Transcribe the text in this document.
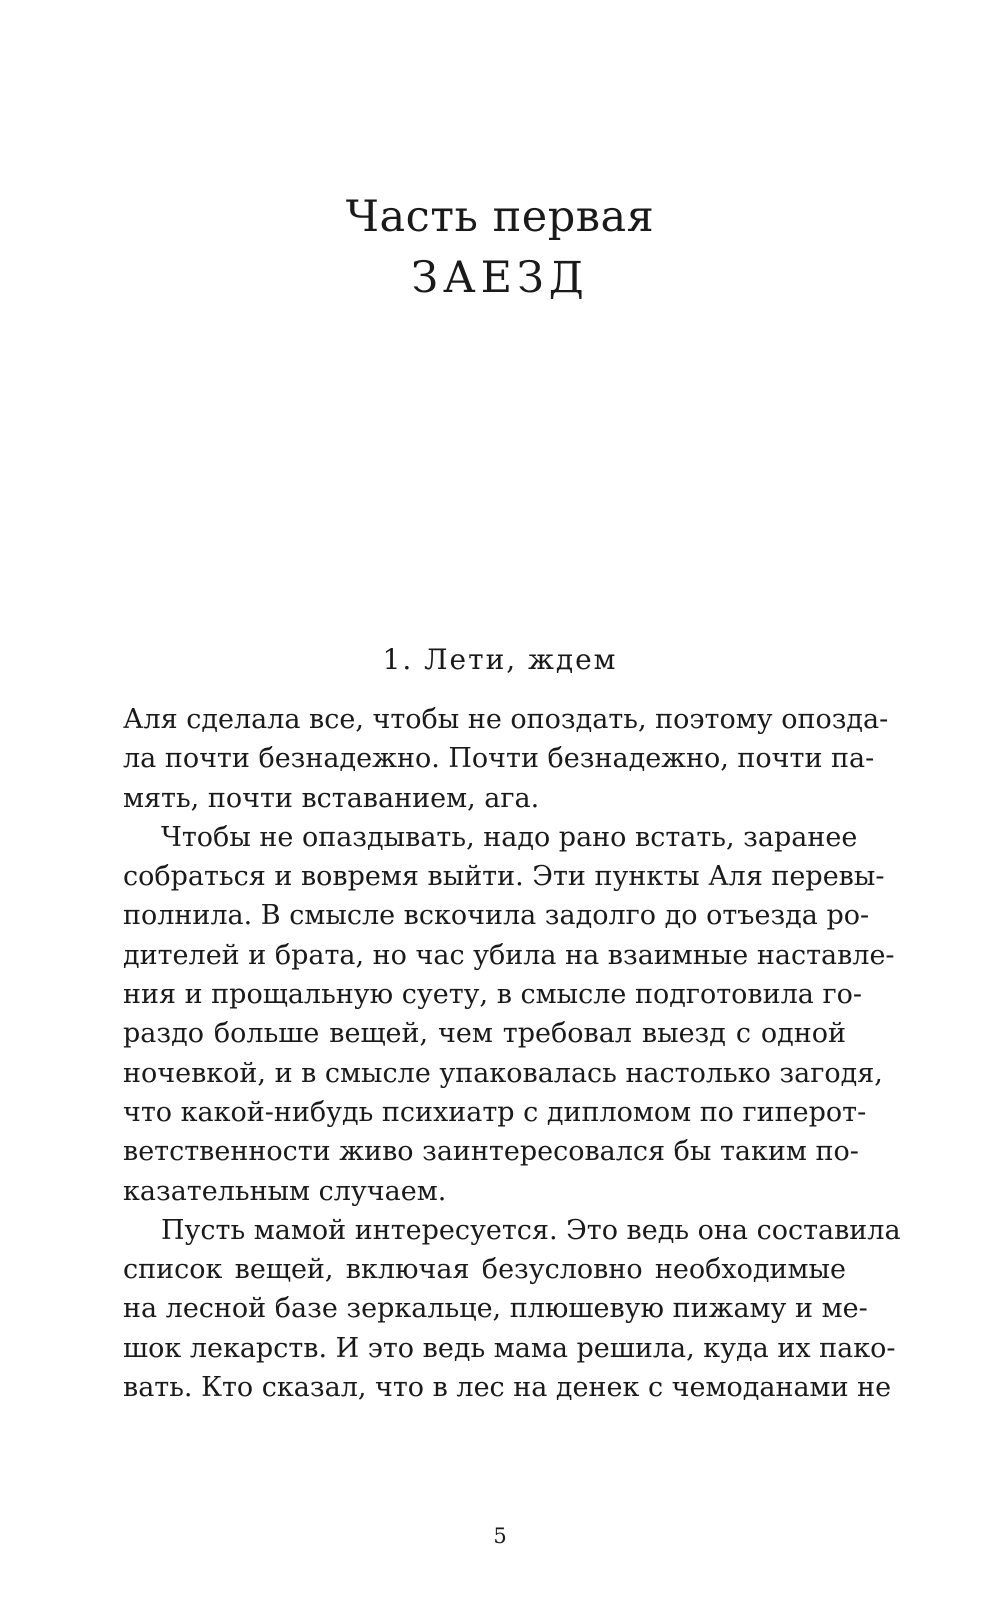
Часть первая
ЗАЕЗД
1. Лети, ждем
Аля сделала все, чтобы не опоздать, поэтому опозда-
ла почти безнадежно. Почти безнадежно, почти па-
мять, почти вставанием, ага.
Чтобы не опаздывать, надо рано встать, заранее
собраться и вовремя выйти. Эти пункты Аля перевы-
полнила. В смысле вскочила задолго до отъезда ро-
дителей и брата, но час убила на взаимные наставле-
ния и прощальную суету, в смысле подготовила го-
раздо больше вещей, чем требовал выезд с одной
ночевкой, и в смысле упаковалась настолько загодя,
что какой-нибудь психиатр с дипломом по гиперот-
ветственности живо заинтересовался бы таким по-
казательным случаем.
Пусть мамой интересуется. Это ведь она составила
список вещей, включая безусловно необходимые
на лесной базе зеркальце, плюшевую пижаму и ме-
шок лекарств. И это ведь мама решила, куда их пако-
вать. Кто сказал, что в лес на денек с чемоданами не
5
